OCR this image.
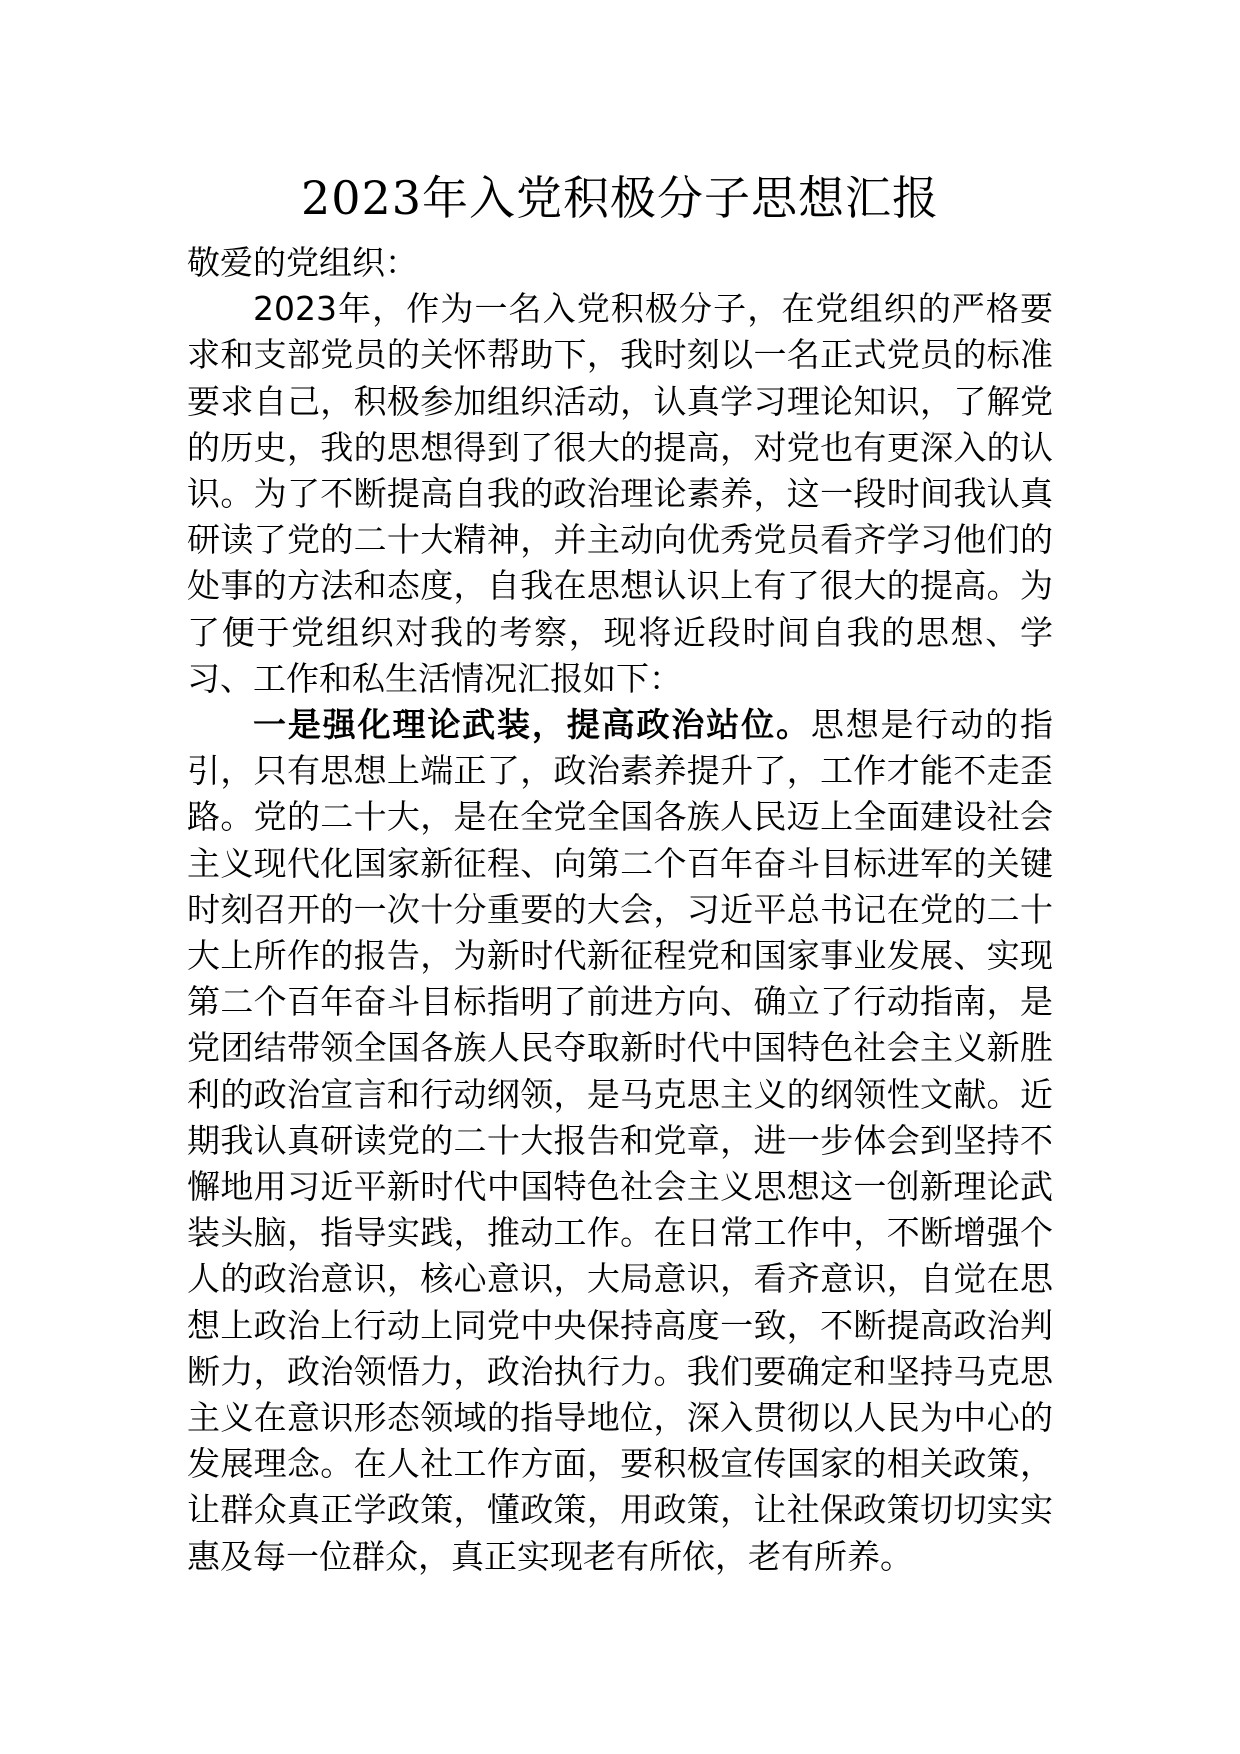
2023年入党积极分子思想汇报

敬爱的党组织：

2023年，作为一名入党积极分子，在党组织的严格要求和支部党员的关怀帮助下，我时刻以一名正式党员的标准要求自己，积极参加组织活动，认真学习理论知识，了解党的历史，我的思想得到了很大的提高，对党也有更深入的认识。为了不断提高自我的政治理论素养，这一段时间我认真研读了党的二十大精神，并主动向优秀党员看齐学习他们的处事的方法和态度，自我在思想认识上有了很大的提高。为了便于党组织对我的考察，现将近段时间自我的思想、学习、工作和私生活情况汇报如下：

一是强化理论武装，提高政治站位。思想是行动的指引，只有思想上端正了，政治素养提升了，工作才能不走歪路。党的二十大，是在全党全国各族人民迈上全面建设社会主义现代化国家新征程、向第二个百年奋斗目标进军的关键时刻召开的一次十分重要的大会，习近平总书记在党的二十大上所作的报告，为新时代新征程党和国家事业发展、实现第二个百年奋斗目标指明了前进方向、确立了行动指南，是党团结带领全国各族人民夺取新时代中国特色社会主义新胜利的政治宣言和行动纲领，是马克思主义的纲领性文献。近期我认真研读党的二十大报告和党章，进一步体会到坚持不懈地用习近平新时代中国特色社会主义思想这一创新理论武装头脑，指导实践，推动工作。在日常工作中，不断增强个人的政治意识，核心意识，大局意识，看齐意识，自觉在思想上政治上行动上同党中央保持高度一致，不断提高政治判断力，政治领悟力，政治执行力。我们要确定和坚持马克思主义在意识形态领域的指导地位，深入贯彻以人民为中心的发展理念。在人社工作方面，要积极宣传国家的相关政策，让群众真正学政策，懂政策，用政策，让社保政策切切实实惠及每一位群众，真正实现老有所依，老有所养。
